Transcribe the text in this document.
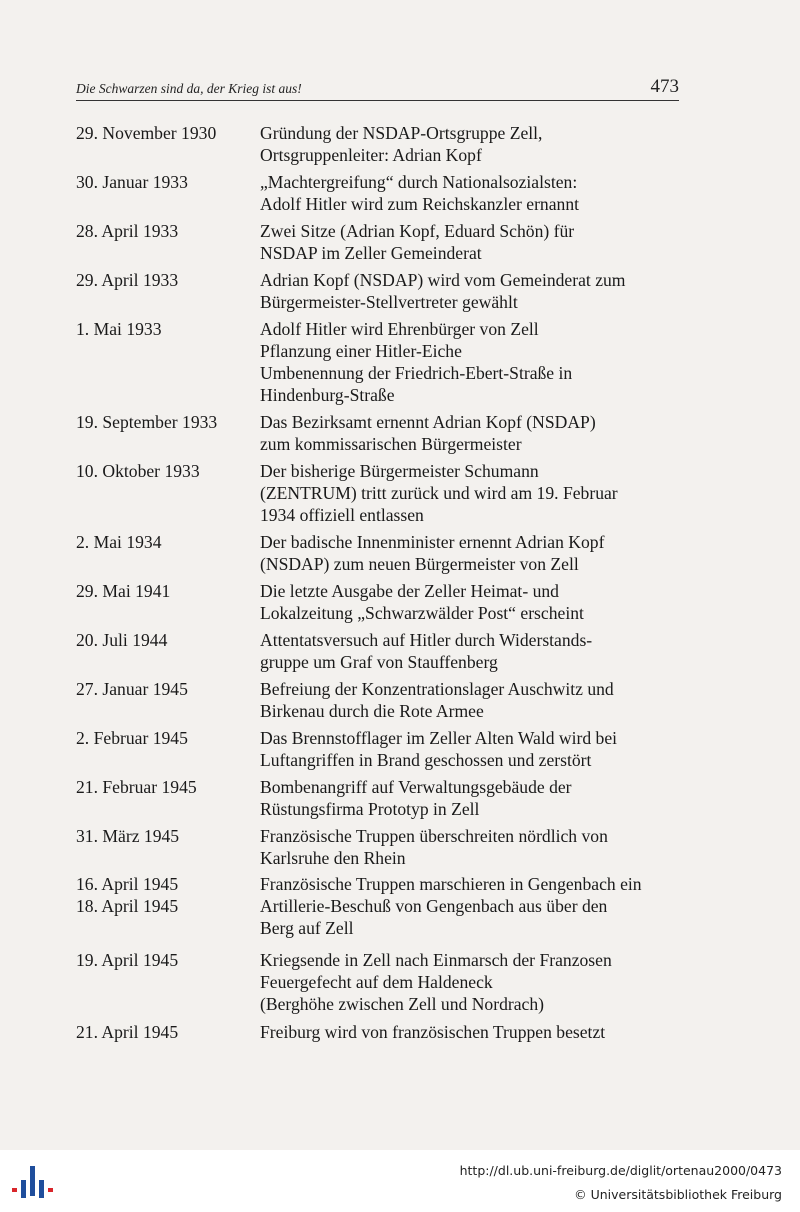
Die Schwarzen sind da, der Krieg ist aus!	473
29. November 1930	Gründung der NSDAP-Ortsgruppe Zell,
Ortsgruppenleiter: Adrian Kopf
30. Januar 1933	„Machtergreifung“ durch Nationalsozialsten:
Adolf Hitler wird zum Reichskanzler ernannt
28. April 1933	Zwei Sitze (Adrian Kopf, Eduard Schön) für
NSDAP im Zeller Gemeinderat
29. April 1933	Adrian Kopf (NSDAP) wird vom Gemeinderat zum
Bürgermeister-Stellvertreter gewählt
1. Mai 1933	Adolf Hitler wird Ehrenbürger von Zell
Pflanzung einer Hitler-Eiche
Umbenennung der Friedrich-Ebert-Straße in
Hindenburg-Straße
19. September 1933	Das Bezirksamt ernennt Adrian Kopf (NSDAP)
zum kommissarischen Bürgermeister
10. Oktober 1933	Der bisherige Bürgermeister Schumann
(ZENTRUM) tritt zurück und wird am 19. Februar
1934 offiziell entlassen
2. Mai 1934	Der badische Innenminister ernennt Adrian Kopf
(NSDAP) zum neuen Bürgermeister von Zell
29. Mai 1941	Die letzte Ausgabe der Zeller Heimat- und
Lokalzeitung „Schwarzwälder Post“ erscheint
20. Juli 1944	Attentatsversuch auf Hitler durch Widerstands-
gruppe um Graf von Stauffenberg
27. Januar 1945	Befreiung der Konzentrationslager Auschwitz und
Birkenau durch die Rote Armee
2. Februar 1945	Das Brennstofflager im Zeller Alten Wald wird bei
Luftangriffen in Brand geschossen und zerstört
21. Februar 1945	Bombenangriff auf Verwaltungsgebäude der
Rüstungsfirma Prototyp in Zell
31. März 1945	Französische Truppen überschreiten nördlich von
Karlsruhe den Rhein
16. April 1945	Französische Truppen marschieren in Gengenbach ein
18. April 1945	Artillerie-Beschuß von Gengenbach aus über den
Berg auf Zell
19. April 1945	Kriegsende in Zell nach Einmarsch der Franzosen
Feuergefecht auf dem Haldeneck
(Berghöhe zwischen Zell und Nordrach)
21. April 1945	Freiburg wird von französischen Truppen besetzt
http://dl.ub.uni-freiburg.de/diglit/ortenau2000/0473
© Universitätsbibliothek Freiburg
